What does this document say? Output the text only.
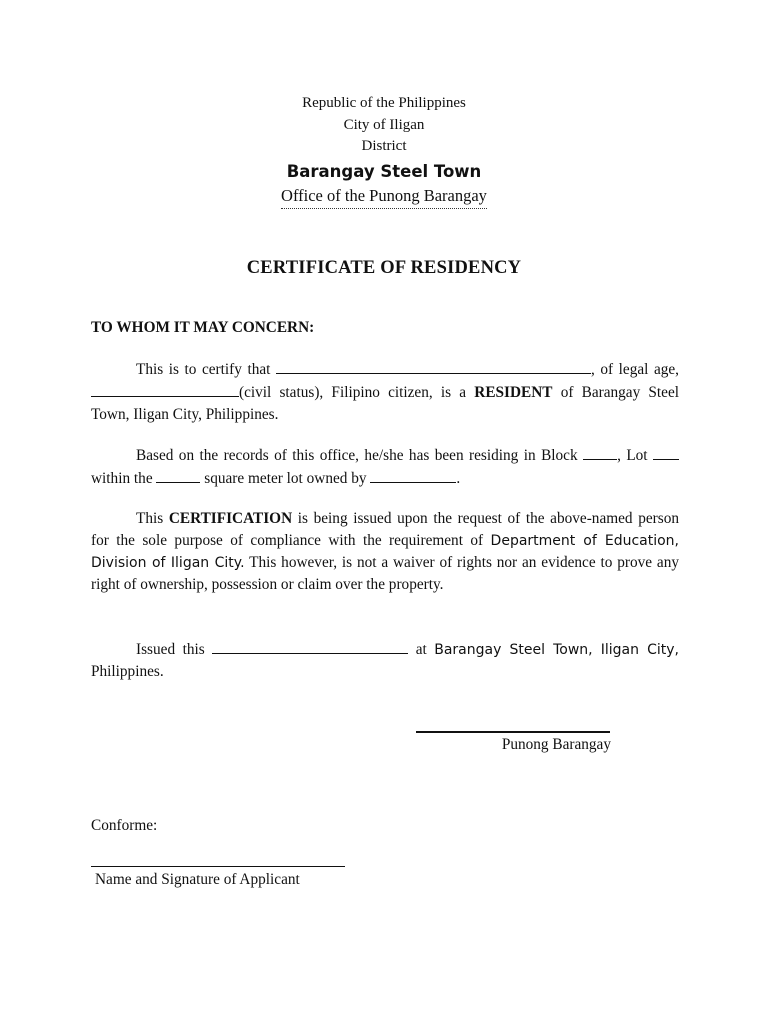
Republic of the Philippines
City of Iligan
District
Barangay Steel Town
Office of the Punong Barangay
CERTIFICATE OF RESIDENCY
TO WHOM IT MAY CONCERN:
This is to certify that	, of legal age, (civil status), Filipino citizen, is a RESIDENT of Barangay Steel Town, Iligan City, Philippines.
Based on the records of this office, he/she has been residing in Block	, Lot  within the	square meter lot owned by	.
This CERTIFICATION is being issued upon the request of the above-named person for the sole purpose of compliance with the requirement of Department of Education, Division of Iligan City. This however, is not a waiver of rights nor an evidence to prove any right of ownership, possession or claim over the property.
Issued this	at Barangay Steel Town, Iligan City, Philippines.
Punong Barangay
Conforme:
Name and Signature of Applicant
